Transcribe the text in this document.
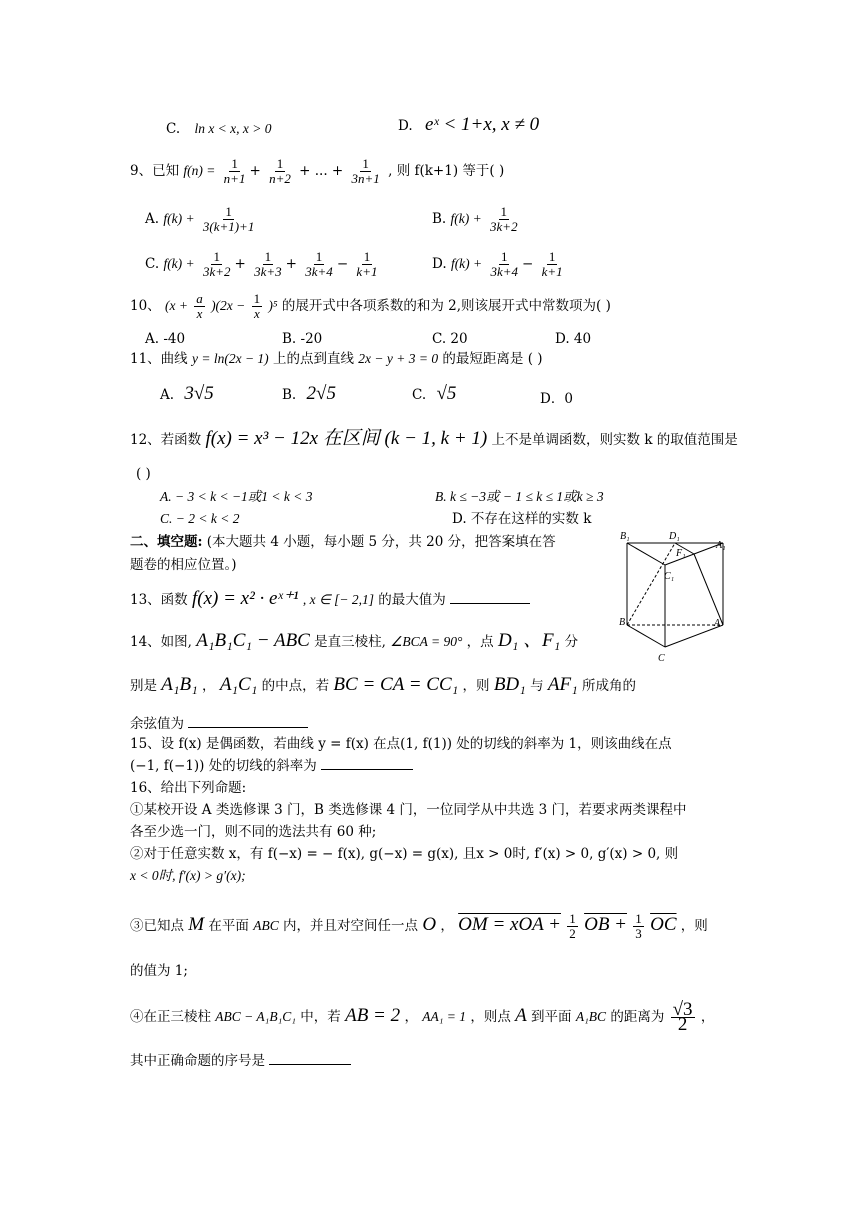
C. ln x < x, x > 0	D. eˣ < 1+x, x ≠ 0
9、已知 $f(n) = \frac{1}{n+1} + \frac{1}{n+2}$ + ... + $\frac{1}{3n+1}$ , 则 f(k+1) 等于( )
A. $f(k) + \frac{1}{3(k+1)+1}$	B. $f(k) + \frac{1}{3k+2}$
C. $f(k) + \frac{1}{3k+2} + \frac{1}{3k+3} + \frac{1}{3k+4} - \frac{1}{k+1}$	D. $f(k) + \frac{1}{3k+4} - \frac{1}{k+1}$
10、 $(x + \frac{a}{x} )(2x - \frac{1}{x} )^5$ 的展开式中各项系数的和为 2,则该展开式中常数项为( )
A. -40	B. -20	C. 20	D. 40
11、曲线 y = ln(2x − 1) 上的点到直线 2x − y + 3 = 0 的最短距离是 ( )
A. 3√5	B. 2√5	C. √5	D．0
12、若函数 f(x) = x³ − 12x 在区间 (k − 1, k + 1) 上不是单调函数，则实数 k 的取值范围是
( )
A. − 3 < k < −1或1 < k < 3	B. k ≤ −3或 − 1 ≤ k ≤ 1或k ≥ 3
C. − 2 < k < 2	D. 不存在这样的实数 k
二、填空题: (本大题共 4 小题，每小题 5 分，共 20 分，把答案填在答
题卷的相应位置。)
13、函数 f(x) = x² · eˣ⁺¹ , x ∈ [− 2,1] 的最大值为
14、如图, A₁B₁C₁ − ABC 是直三棱柱, ∠BCA = 90° ，点 D₁ 、F₁ 分
别是 A₁B₁ ， A₁C₁ 的中点，若 BC = CA = CC₁ ，则 BD₁ 与 AF₁ 所成角的
余弦值为
15、设 f(x) 是偶函数，若曲线 y = f(x) 在点(1, f(1)) 处的切线的斜率为 1，则该曲线在点
(−1, f(−1)) 处的切线的斜率为
16、给出下列命题:
①某校开设 A 类选修课 3 门，B 类选修课 4 门，一位同学从中共选 3 门，若要求两类课程中
各至少选一门，则不同的选法共有 60 种;
②对于任意实数 x，有 f(−x) = − f(x), g(−x) = g(x), 且x > 0时, f′(x) > 0, g′(x) > 0, 则
x < 0时, f′(x) > g′(x);
③已知点 M 在平面 ABC 内，并且对空间任一点 O ， OM = xOA + $\frac{1}{2}$ OB + $\frac{1}{3} \overline{OC}$ ，则
的值为 1;
④在正三棱柱 ABC − A₁B₁C₁ 中，若 AB = 2 ， AA₁ = 1 ，则点 A 到平面 A₁BC 的距离为 $\frac{√3}{2}$ ，
其中正确命题的序号是
B₁	D₁
A₁
F₁
C₁
B	A
C
